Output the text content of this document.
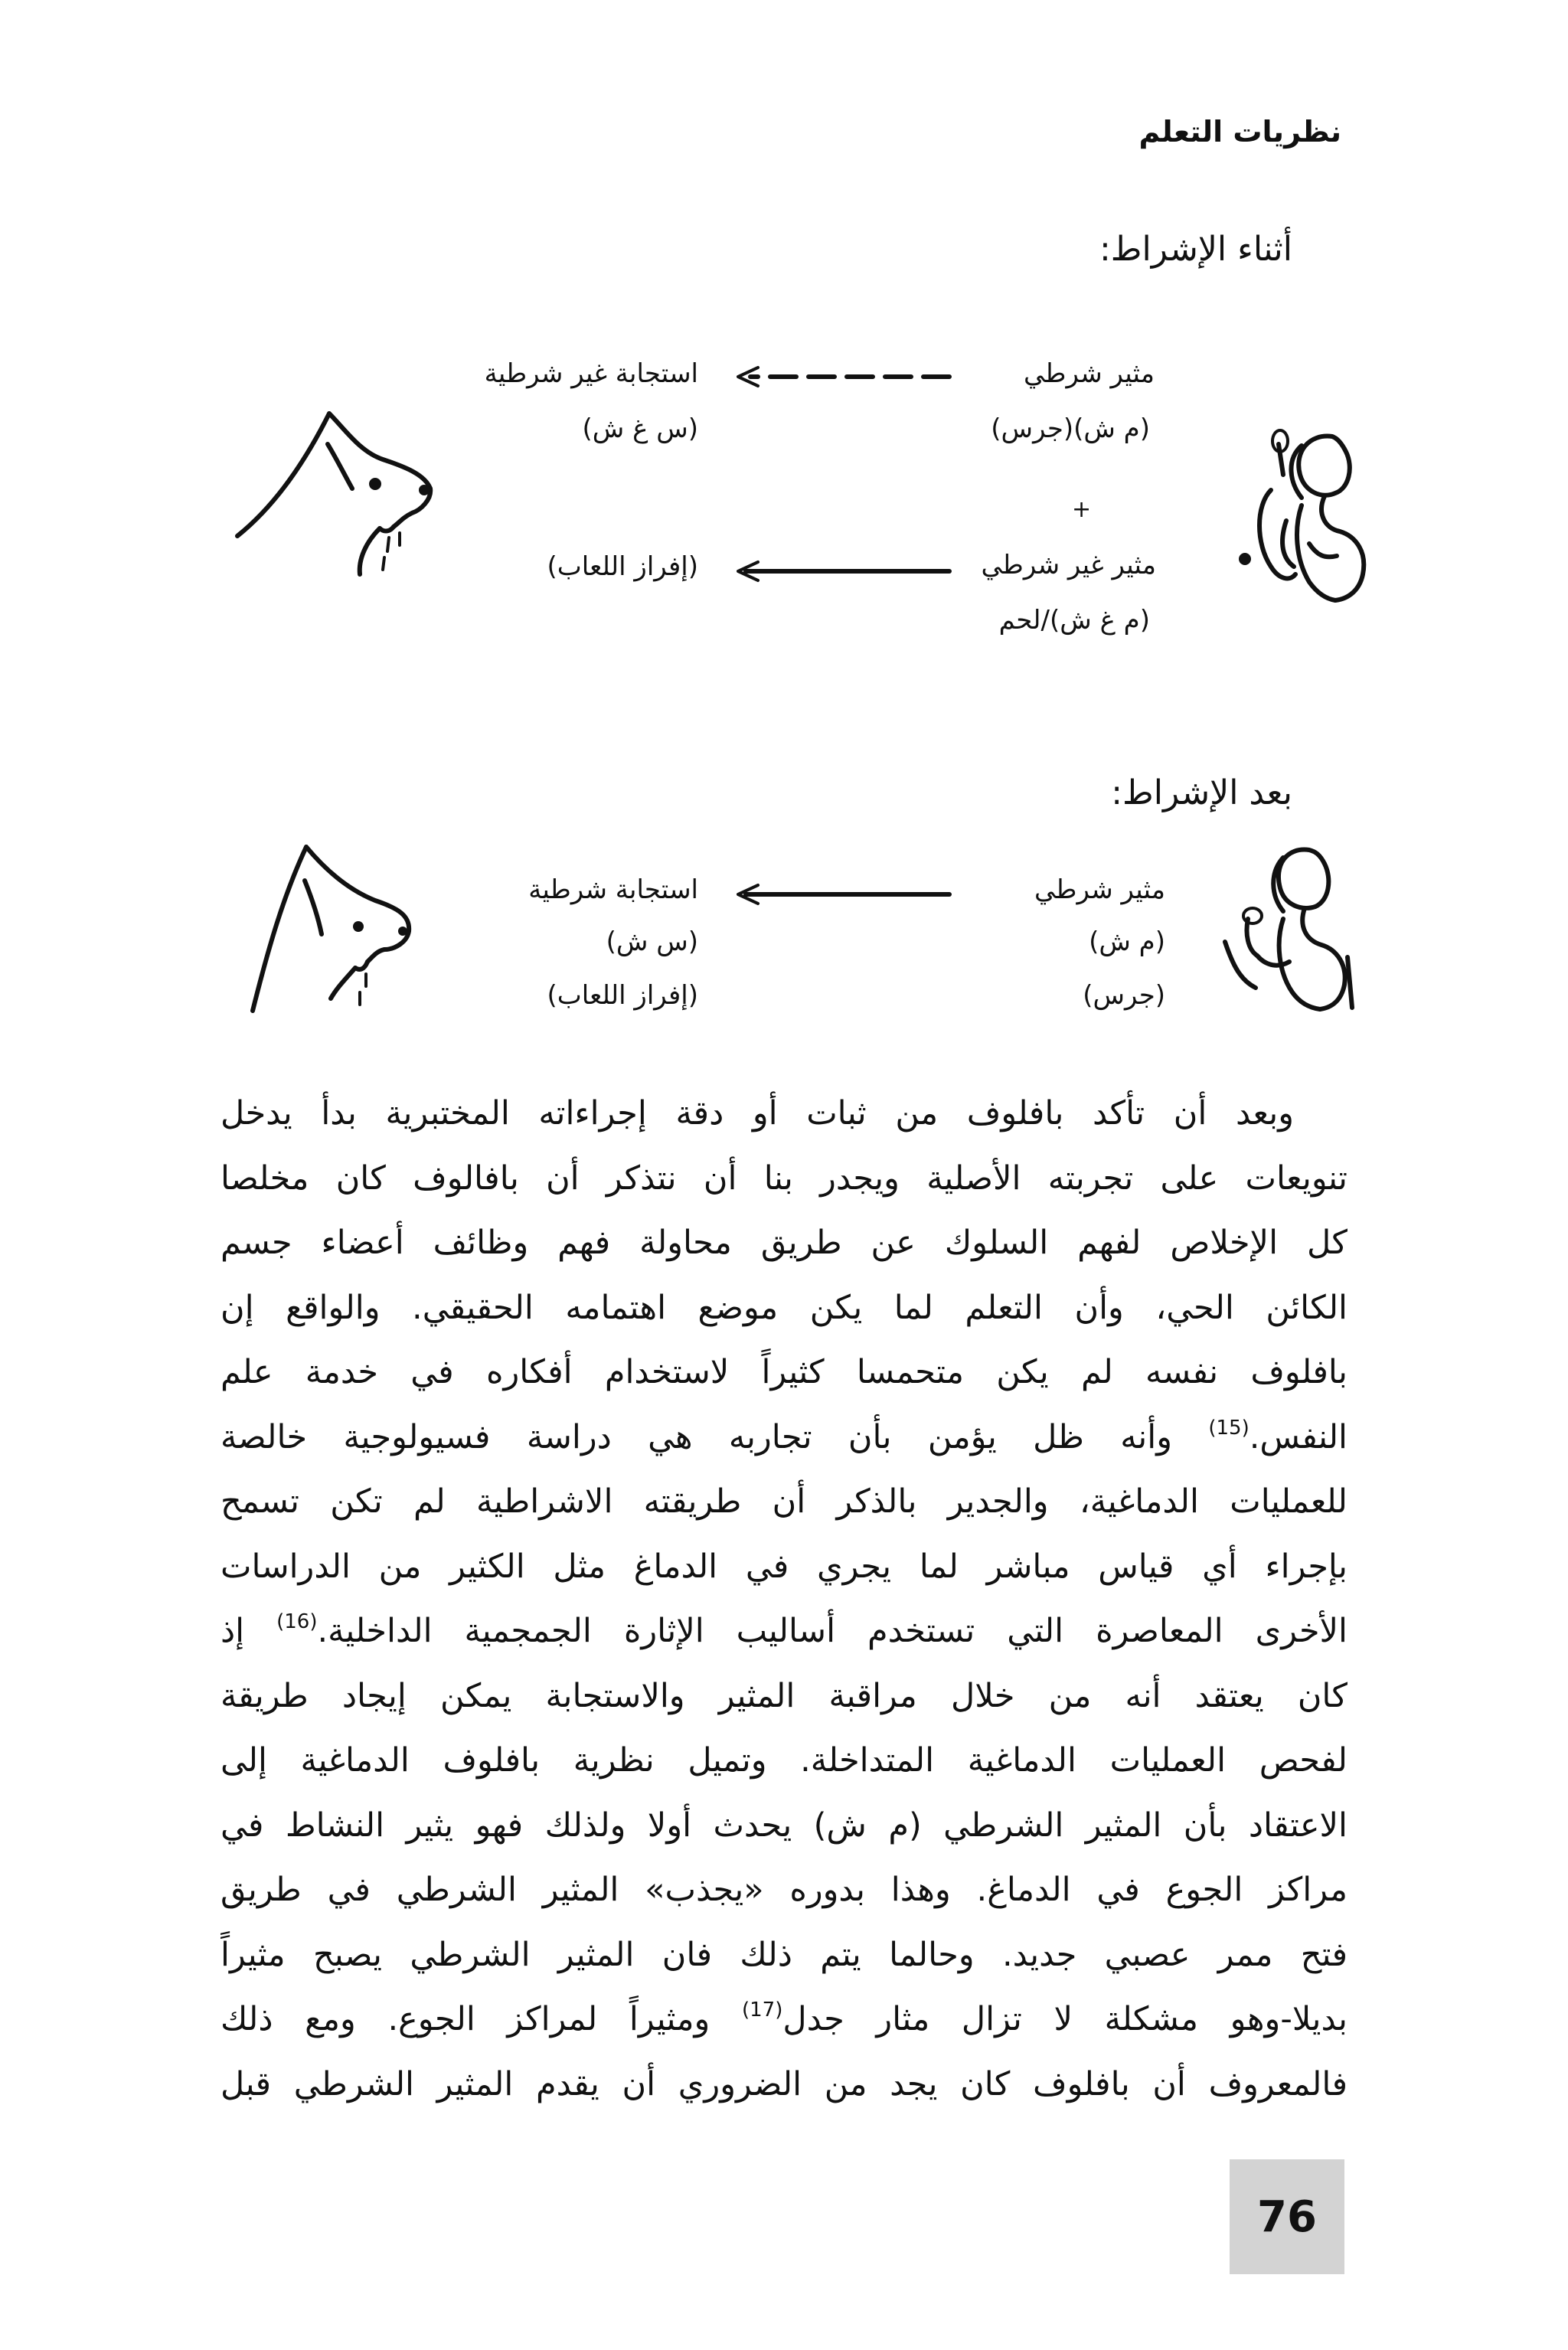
نظريات التعلم
أثناء الإشراط:
مثير شرطي
(م ش)(جرس)
استجابة غير شرطية
(س غ ش)
+
مثير غير شرطي
(م غ ش)/لحم
(إفراز اللعاب)
بعد الإشراط:
مثير شرطي
(م ش)
(جرس)
استجابة شرطية
(س ش)
(إفراز اللعاب)
وبعد أن تأكد بافلوف من ثبات أو دقة إجراءاته المختبرية بدأ يدخل
تنويعات على تجربته الأصلية ويجدر بنا أن نتذكر أن بافالوف كان مخلصا
كل الإخلاص لفهم السلوك عن طريق محاولة فهم وظائف أعضاء جسم
الكائن الحي، وأن التعلم لما يكن موضع اهتمامه الحقيقي. والواقع إن
بافلوف نفسه لم يكن متحمسا كثيراً لاستخدام أفكاره في خدمة علم
النفس.$^{(15)}$ وأنه ظل يؤمن بأن تجاربه هي دراسة فسيولوجية خالصة
للعمليات الدماغية، والجدير بالذكر أن طريقته الاشراطية لم تكن تسمح
بإجراء أي قياس مباشر لما يجري في الدماغ مثل الكثير من الدراسات
الأخرى المعاصرة التي تستخدم أساليب الإثارة الجمجمية الداخلية.$^{(16)}$ إذ
كان يعتقد أنه من خلال مراقبة المثير والاستجابة يمكن إيجاد طريقة
لفحص العمليات الدماغية المتداخلة. وتميل نظرية بافلوف الدماغية إلى
الاعتقاد بأن المثير الشرطي (م ش) يحدث أولا ولذلك فهو يثير النشاط في
مراكز الجوع في الدماغ. وهذا بدوره «يجذب» المثير الشرطي في طريق
فتح ممر عصبي جديد. وحالما يتم ذلك فان المثير الشرطي يصبح مثيراً
بديلا-وهو مشكلة لا تزال مثار جدل$^{(17)}$ ومثيراً لمراكز الجوع. ومع ذلك
فالمعروف أن بافلوف كان يجد من الضروري أن يقدم المثير الشرطي قبل
76
